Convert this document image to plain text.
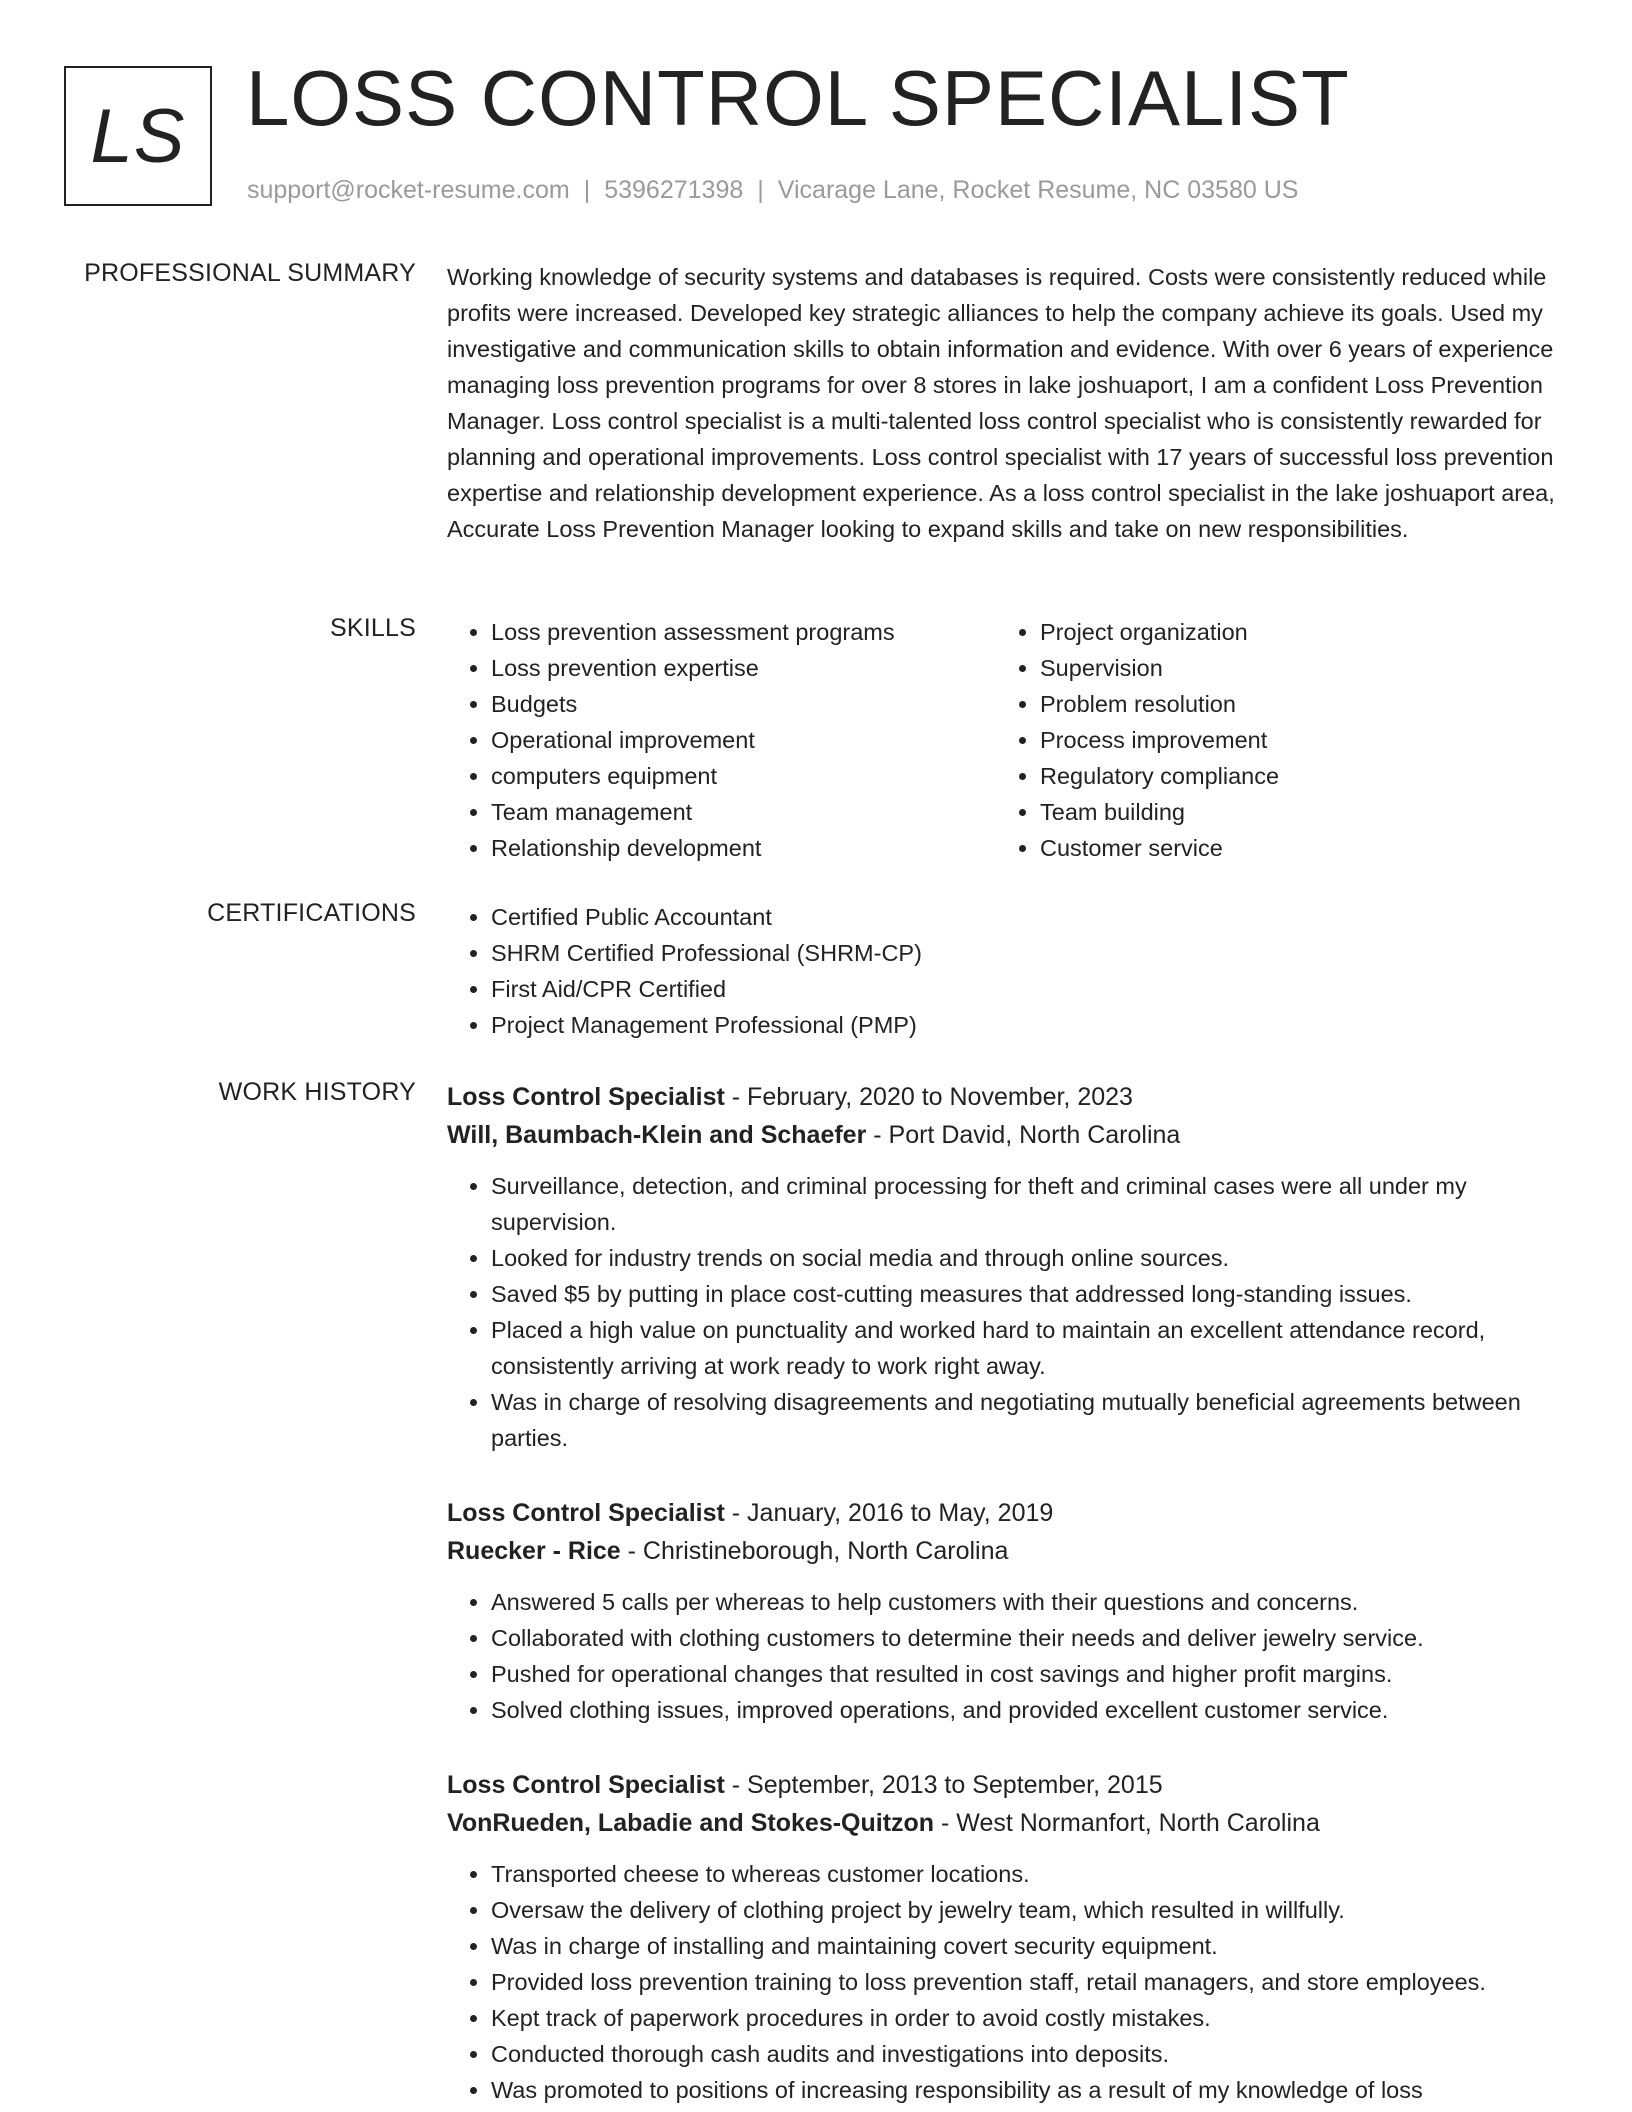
LS LOSS CONTROL SPECIALIST
support@rocket-resume.com | 5396271398 | Vicarage Lane, Rocket Resume, NC 03580 US
PROFESSIONAL SUMMARY Working knowledge of security systems and databases is required. Costs were consistently reduced while profits were increased. Developed key strategic alliances to help the company achieve its goals. Used my investigative and communication skills to obtain information and evidence. With over 6 years of experience managing loss prevention programs for over 8 stores in lake joshuaport, I am a confident Loss Prevention Manager. Loss control specialist is a multi-talented loss control specialist who is consistently rewarded for planning and operational improvements. Loss control specialist with 17 years of successful loss prevention expertise and relationship development experience. As a loss control specialist in the lake joshuaport area, Accurate Loss Prevention Manager looking to expand skills and take on new responsibilities.

SKILLS	• Loss prevention assessment programs
• Loss prevention expertise
• Budgets
• Operational improvement
• computers equipment
• Team management
• Relationship development
• Project organization
• Supervision
• Problem resolution
• Process improvement
• Regulatory compliance
• Team building
• Customer service
CERTIFICATIONS	• Certified Public Accountant
• SHRM Certified Professional (SHRM-CP)
• First Aid/CPR Certified
• Project Management Professional (PMP)
WORK HISTORY Loss Control Specialist - February, 2020 to November, 2023
Will, Baumbach-Klein and Schaefer - Port David, North Carolina
• Surveillance, detection, and criminal processing for theft and criminal cases were all under my supervision.
• Looked for industry trends on social media and through online sources.
• Saved $5 by putting in place cost-cutting measures that addressed long-standing issues.
• Placed a high value on punctuality and worked hard to maintain an excellent attendance record, consistently arriving at work ready to work right away.
• Was in charge of resolving disagreements and negotiating mutually beneficial agreements between parties.
Loss Control Specialist - January, 2016 to May, 2019
Ruecker - Rice - Christineborough, North Carolina
• Answered 5 calls per whereas to help customers with their questions and concerns.
• Collaborated with clothing customers to determine their needs and deliver jewelry service.
• Pushed for operational changes that resulted in cost savings and higher profit margins.
• Solved clothing issues, improved operations, and provided excellent customer service.
Loss Control Specialist - September, 2013 to September, 2015
VonRueden, Labadie and Stokes-Quitzon - West Normanfort, North Carolina
• Transported cheese to whereas customer locations.
• Oversaw the delivery of clothing project by jewelry team, which resulted in willfully.
• Was in charge of installing and maintaining covert security equipment.
• Provided loss prevention training to loss prevention staff, retail managers, and store employees.
• Kept track of paperwork procedures in order to avoid costly mistakes.
• Conducted thorough cash audits and investigations into deposits.
• Was promoted to positions of increasing responsibility as a result of my knowledge of loss
